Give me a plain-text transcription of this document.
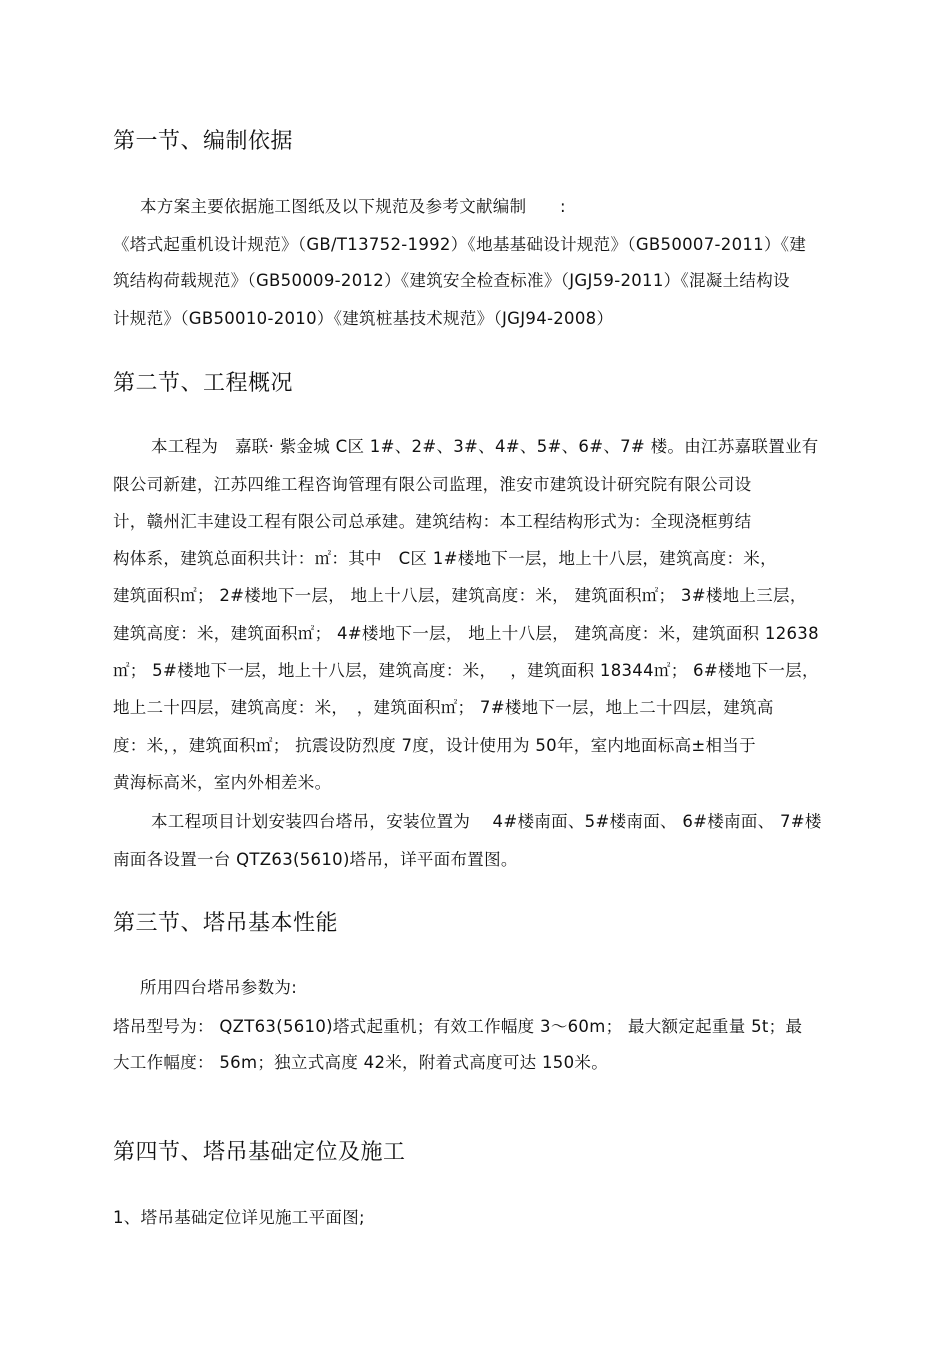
第一节、编制依据
本方案主要依据施工图纸及以下规范及参考文献编制　　:
《塔式起重机设计规范》（GB/T13752-1992）《地基基础设计规范》（GB50007-2011）《建
筑结构荷载规范》（GB50009-2012）《建筑安全检查标准》（JGJ59-2011）《混凝土结构设
计规范》（GB50010-2010）《建筑桩基技术规范》（JGJ94-2008）
第二节、工程概况
本工程为　嘉联· 紫金城 C区 1#、2#、3#、4#、5#、6#、7# 楼。由江苏嘉联置业有
限公司新建，江苏四维工程咨询管理有限公司监理，淮安市建筑设计研究院有限公司设
计，赣州汇丰建设工程有限公司总承建。建筑结构：本工程结构形式为：全现浇框剪结
构体系，建筑总面积共计：㎡：其中　C区 1#楼地下一层，地上十八层，建筑高度：米，
建筑面积㎡； 2#楼地下一层， 地上十八层，建筑高度：米， 建筑面积㎡； 3#楼地上三层，
建筑高度：米，建筑面积㎡； 4#楼地下一层， 地上十八层， 建筑高度：米，建筑面积 12638
㎡； 5#楼地下一层，地上十八层，建筑高度：米，　 ，建筑面积 18344㎡； 6#楼地下一层，
地上二十四层，建筑高度：米，　，建筑面积㎡； 7#楼地下一层，地上二十四层，建筑高
度：米，，建筑面积㎡； 抗震设防烈度 7度，设计使用为 50年，室内地面标高±相当于
黄海标高米，室内外相差米。
本工程项目计划安装四台塔吊，安装位置为　 4#楼南面、5#楼南面、 6#楼南面、 7#楼
南面各设置一台 QTZ63(5610)塔吊，详平面布置图。
第三节、塔吊基本性能
所用四台塔吊参数为:
塔吊型号为： QZT63(5610)塔式起重机；有效工作幅度 3～60m； 最大额定起重量 5t；最
大工作幅度： 56m；独立式高度 42米，附着式高度可达 150米。
第四节、塔吊基础定位及施工
1、塔吊基础定位详见施工平面图;
